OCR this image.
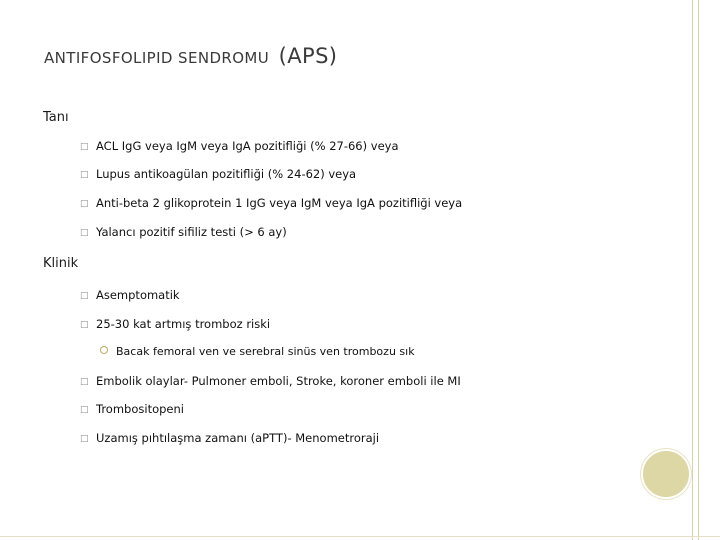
ANTIFOSFOLIPID SENDROMU (APS)
Tanı
□ ACL IgG veya IgM veya IgA pozitifliği (% 27-66) veya
□ Lupus antikoagülan pozitifliği (% 24-62) veya
□ Anti-beta 2 glikoprotein 1 IgG veya IgM veya IgA pozitifliği veya
□ Yalancı pozitif sifiliz testi (> 6 ay)
Klinik
□ Asemptomatik
□ 25-30 kat artmış tromboz riski
Bacak femoral ven ve serebral sinüs ven trombozu sık
□ Embolik olaylar- Pulmoner emboli, Stroke, koroner emboli ile MI
□ Trombositopeni
□ Uzamış pıhtılaşma zamanı (aPTT)- Menometroraji
